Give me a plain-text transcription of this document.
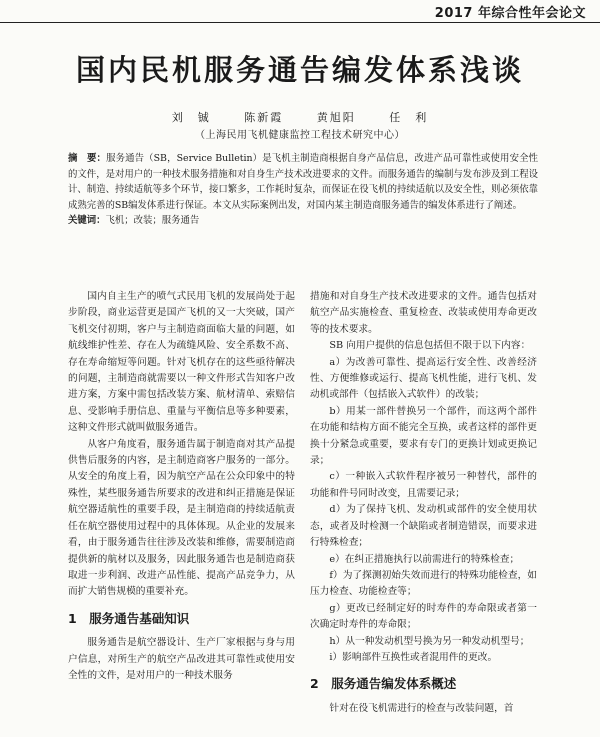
2017 年综合性年会论文
国内民机服务通告编发体系浅谈
刘　铖	陈新霞	黄旭阳	任　利
（上海民用飞机健康监控工程技术研究中心）
摘　要：服务通告（SB，Service Bulletin）是飞机主制造商根据自身产品信息，改进产品可靠性或使用安全性的文件，是对用户的一种技术服务措施和对自身生产技术改进要求的文件。而服务通告的编制与发布涉及到工程设计、制造、持续适航等多个环节，接口繁多，工作耗时复杂，而保证在役飞机的持续适航以及安全性，则必须依靠成熟完善的SB编发体系进行保证。本文从实际案例出发，对国内某主制造商服务通告的编发体系进行了阐述。
关键词：飞机；改装；服务通告

国内自主生产的喷气式民用飞机的发展尚处于起步阶段，商业运营更是国产飞机的又一大突破，国产飞机交付初期，客户与主制造商面临大量的问题，如航线维护性差、存在人为疏缝风险、安全系数不高、存在寿命缩短等问题。针对飞机存在的这些亟待解决的问题，主制造商就需要以一种文件形式告知客户改进方案，方案中需包括改装方案、航材清单、索赔信息、受影响手册信息、重量与平衡信息等多种要素，这种文件形式就叫做服务通告。

从客户角度看，服务通告属于制造商对其产品提供售后服务的内容，是主制造商客户服务的一部分。从安全的角度上看，因为航空产品在公众印象中的特殊性，某些服务通告所要求的改进和纠正措施是保证航空器适航性的重要手段，是主制造商的持续适航责任在航空器使用过程中的具体体现。从企业的发展来看，由于服务通告往往涉及改装和维修，需要制造商提供新的航材以及服务，因此服务通告也是制造商获取进一步利润、改进产品性能、提高产品竞争力，从而扩大销售规模的重要补充。

1　服务通告基础知识

服务通告是航空器设计、生产厂家根据与身与用户信息，对所生产的航空产品改进其可靠性或使用安全性的文件，是对用户的一种技术服务

措施和对自身生产技术改进要求的文件。通告包括对航空产品实施检查、重复检查、改装或使用寿命更改等的技术要求。

SB 向用户提供的信息包括但不限于以下内容：

a）为改善可靠性、提高运行安全性、改善经济性、方便维修或运行、提高飞机性能，进行飞机、发动机或部件（包括嵌入式软件）的改装；

b）用某一部件替换另一个部件，而这两个部件在功能和结构方面不能完全互换，或者这样的部件更换十分紧急或重要，要求有专门的更换计划或更换记录；

c）一种嵌入式软件程序被另一种替代，部件的功能和件号同时改变，且需要记录；

d）为了保持飞机、发动机或部件的安全使用状态，或者及时检测一个缺陷或者制造错误，而要求进行特殊检查；

e）在纠正措施执行以前需进行的特殊检查；

f）为了探测初始失效而进行的特殊功能检查，如压力检查、功能检查等；

g）更改已经制定好的时寿件的寿命限或者第一次确定时寿件的寿命限；

h）从一种发动机型号换为另一种发动机型号；

i）影响部件互换性或者混用件的更改。

2　服务通告编发体系概述

针对在役飞机需进行的检查与改装问题，首
